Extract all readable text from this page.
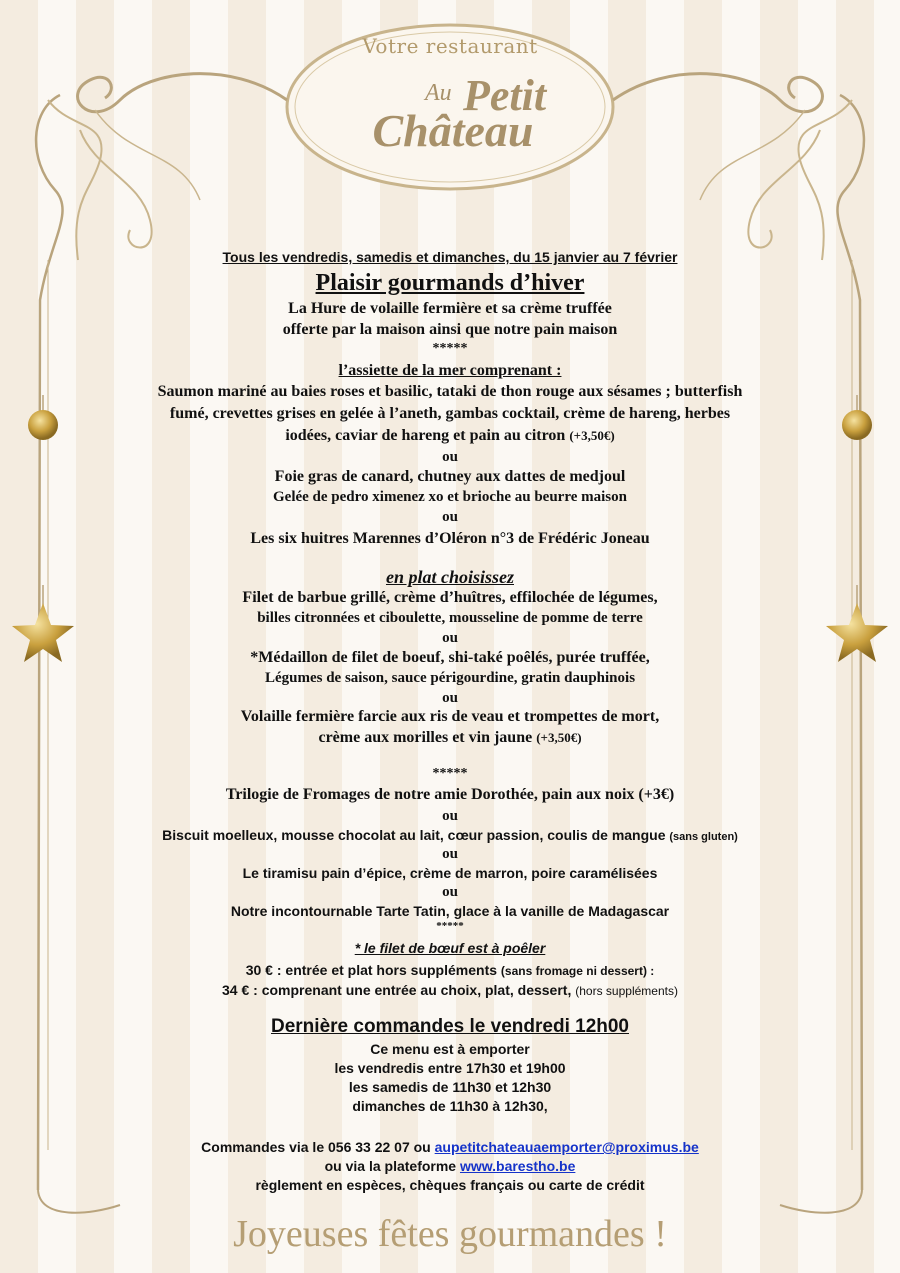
Votre restaurant
Au Petit
Château
Tous les vendredis, samedis et dimanches, du 15 janvier au 7 février
Plaisir gourmands d’hiver
La Hure de volaille fermière et sa crème truffée
offerte par la maison ainsi que notre pain maison
*****
l’assiette de la mer comprenant :
Saumon mariné au baies roses et basilic, tataki de thon rouge aux sésames ; butterfish
fumé, crevettes grises en gelée à l’aneth, gambas cocktail, crème de hareng, herbes
iodées, caviar de hareng et pain au citron (+3,50€)
ou
Foie gras de canard, chutney aux dattes de medjoul
Gelée de pedro ximenez xo et brioche au beurre maison
ou
Les six huitres Marennes d’Oléron n°3 de Frédéric Joneau
en plat choisissez
Filet de barbue grillé, crème d’huîtres, effilochée de légumes,
billes citronnées et ciboulette, mousseline de pomme de terre
ou
*Médaillon de filet de boeuf, shi-také poêlés, purée truffée,
Légumes de saison, sauce périgourdine, gratin dauphinois
ou
Volaille fermière farcie aux ris de veau et trompettes de mort,
crème aux morilles et vin jaune (+3,50€)
*****
Trilogie de Fromages de notre amie Dorothée, pain aux noix (+3€)
ou
Biscuit moelleux, mousse chocolat au lait, cœur passion, coulis de mangue (sans gluten)
ou
Le tiramisu pain d’épice, crème de marron, poire caramélisées
ou
Notre incontournable Tarte Tatin, glace à la vanille de Madagascar
*****
* le filet de bœuf est à poêler
30 € : entrée et plat hors suppléments (sans fromage ni dessert) :
34 € : comprenant une entrée au choix, plat, dessert, (hors suppléments)
Dernière commandes le vendredi 12h00
Ce menu est à emporter
les vendredis entre 17h30 et 19h00
les samedis de 11h30 et 12h30
dimanches de 11h30 à 12h30,
Commandes via le 056 33 22 07 ou aupetitchateauaemporter@proximus.be
ou via la plateforme www.barestho.be
règlement en espèces, chèques français ou carte de crédit
Joyeuses fêtes gourmandes !
